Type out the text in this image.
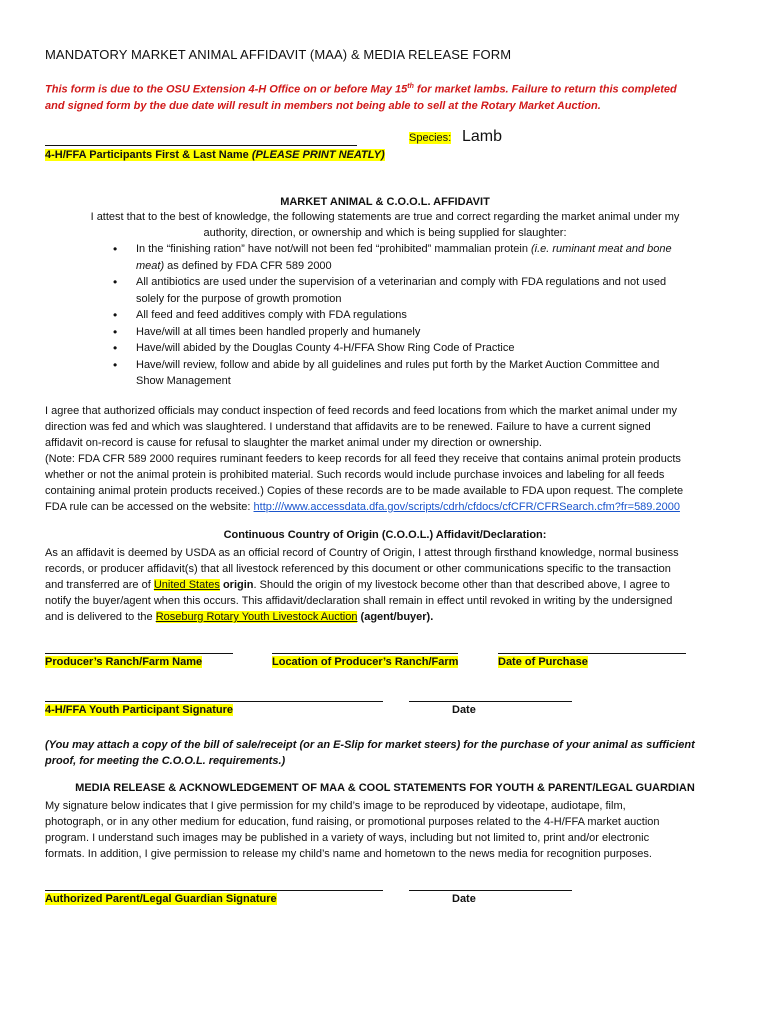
MANDATORY MARKET ANIMAL AFFIDAVIT (MAA) & MEDIA RELEASE FORM
This form is due to the OSU Extension 4-H Office on or before May 15th for market lambs. Failure to return this completed
and signed form by the due date will result in members not being able to sell at the Rotary Market Auction.
4-H/FFA Participants First & Last Name (PLEASE PRINT NEATLY)
Species: Lamb
MARKET ANIMAL & C.O.O.L. AFFIDAVIT
I attest that to the best of knowledge, the following statements are true and correct regarding the market animal under my
authority, direction, or ownership and which is being supplied for slaughter:
• In the “finishing ration” have not/will not been fed “prohibited” mammalian protein (i.e. ruminant meat and bone
meat) as defined by FDA CFR 589 2000
• All antibiotics are used under the supervision of a veterinarian and comply with FDA regulations and not used
solely for the purpose of growth promotion
• All feed and feed additives comply with FDA regulations
• Have/will at all times been handled properly and humanely
• Have/will abided by the Douglas County 4-H/FFA Show Ring Code of Practice
• Have/will review, follow and abide by all guidelines and rules put forth by the Market Auction Committee and
Show Management
I agree that authorized officials may conduct inspection of feed records and feed locations from which the market animal under my
direction was fed and which was slaughtered. I understand that affidavits are to be renewed. Failure to have a current signed
affidavit on-record is cause for refusal to slaughter the market animal under my direction or ownership.
(Note: FDA CFR 589 2000 requires ruminant feeders to keep records for all feed they receive that contains animal protein products
whether or not the animal protein is prohibited material. Such records would include purchase invoices and labeling for all feeds
containing animal protein products received.) Copies of these records are to be made available to FDA upon request. The complete
FDA rule can be accessed on the website: http:///www.accessdata.dfa.gov/scripts/cdrh/cfdocs/cfCFR/CFRSearch.cfm?fr=589.2000
Continuous Country of Origin (C.O.O.L.) Affidavit/Declaration:
As an affidavit is deemed by USDA as an official record of Country of Origin, I attest through firsthand knowledge, normal business
records, or producer affidavit(s) that all livestock referenced by this document or other communications specific to the transaction
and transferred are of United States origin. Should the origin of my livestock become other than that described above, I agree to
notify the buyer/agent when this occurs. This affidavit/declaration shall remain in effect until revoked in writing by the undersigned
and is delivered to the Roseburg Rotary Youth Livestock Auction (agent/buyer).
Producer’s Ranch/Farm Name	Location of Producer’s Ranch/Farm	Date of Purchase
4-H/FFA Youth Participant Signature	Date
(You may attach a copy of the bill of sale/receipt (or an E-Slip for market steers) for the purchase of your animal as sufficient
proof, for meeting the C.O.O.L. requirements.)
MEDIA RELEASE & ACKNOWLEDGEMENT OF MAA & COOL STATEMENTS FOR YOUTH & PARENT/LEGAL GUARDIAN
My signature below indicates that I give permission for my child’s image to be reproduced by videotape, audiotape, film,
photograph, or in any other medium for education, fund raising, or promotional purposes related to the 4-H/FFA market auction
program. I understand such images may be published in a variety of ways, including but not limited to, print and/or electronic
formats. In addition, I give permission to release my child’s name and hometown to the news media for recognition purposes.
Authorized Parent/Legal Guardian Signature	Date
